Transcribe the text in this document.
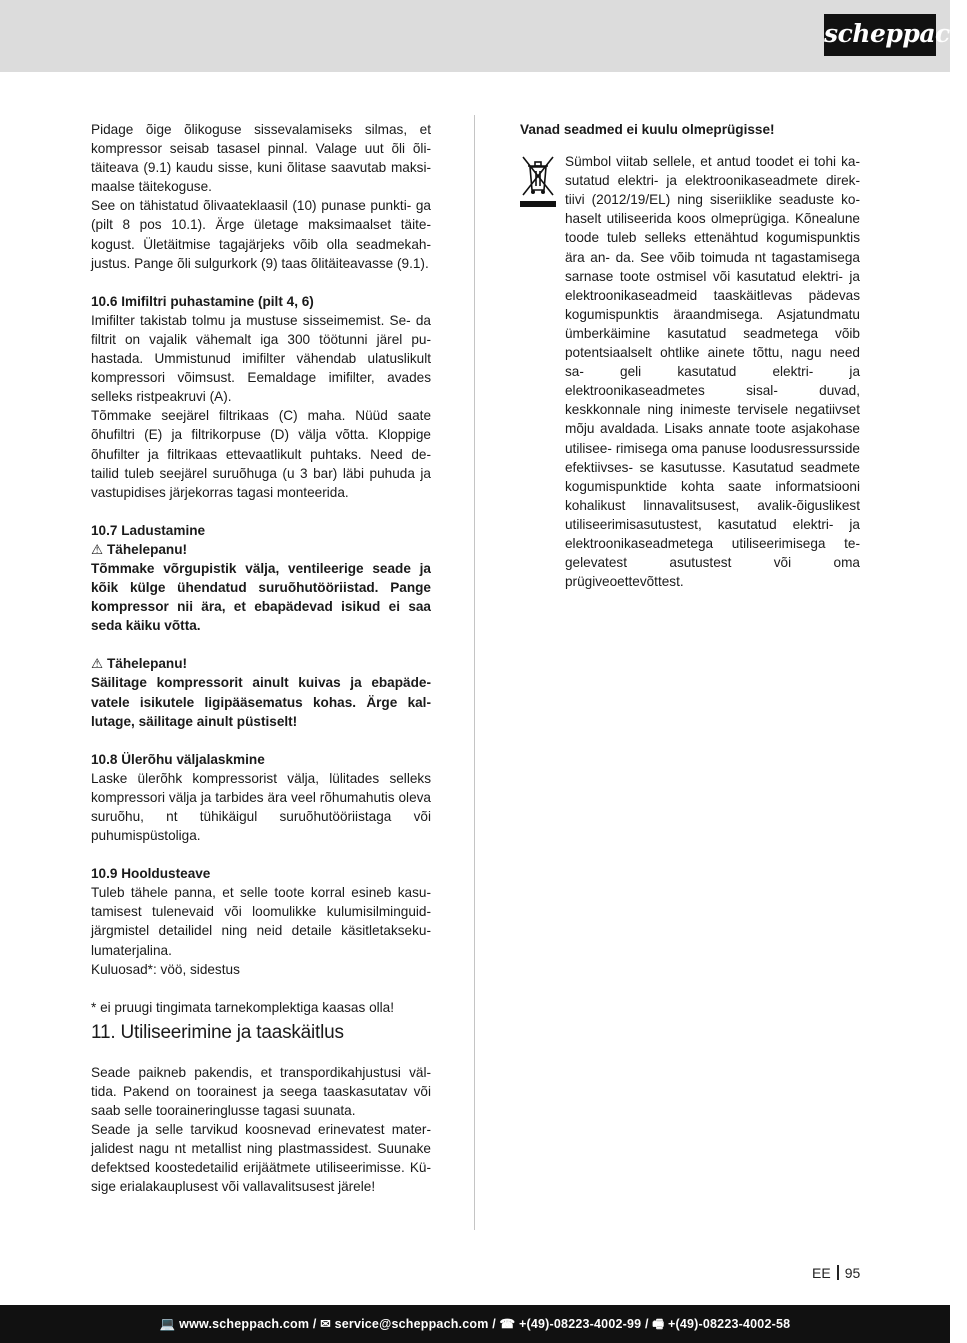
scheppach

Pidage õige õlikoguse sissevalamiseks silmas, et kompressor seisab tasasel pinnal. Valage uut õli õli- täiteava (9.1) kaudu sisse, kuni õlitase saavutab maksi- maalse täitekoguse.

See on tähistatud õlivaateklaasil (10) punase punkti- ga (pilt 8 pos 10.1). Ärge ületage maksimaalset täite- kogust. Ületäitmise tagajärjeks võib olla seadmekah- justus. Pange õli sulgurkork (9) taas õlitäiteavasse (9.1).

10.6 Imifiltri puhastamine (pilt 4, 6)

Imifilter takistab tolmu ja mustuse sisseimemist. Se- da filtrit on vajalik vähemalt iga 300 töötunni järel pu- hastada. Ummistunud imifilter vähendab ulatuslikult kompressori võimsust. Eemaldage imifilter, avades selleks ristpeakruvi (A).

Tõmmake seejärel filtrikaas (C) maha. Nüüd saate õhufiltri (E) ja filtrikorpuse (D) välja võtta. Kloppige õhufilter ja filtrikaas ettevaatlikult puhtaks. Need de- tailid tuleb seejärel suruõhuga (u 3 bar) läbi puhuda ja vastupidises järjekorras tagasi monteerida.

10.7 Ladustamine

⚠ Tähelepanu!

Tõmmake võrgupistik välja, ventileerige seade ja kõik külge ühendatud suruõhutööriistad. Pange kompressor nii ära, et ebapädevad isikud ei saa seda käiku võtta.

⚠ Tähelepanu!

Säilitage kompressorit ainult kuivas ja ebapäde- vatele isikutele ligipääsematus kohas. Ärge kal- lutage, säilitage ainult püstiselt!

10.8 Ülerõhu väljalaskmine

Laske ülerõhk kompressorist välja, lülitades selleks kompressori välja ja tarbides ära veel rõhumahutis oleva suruõhu, nt tühikäigul suruõhutööriistaga või puhumispüstoliga.

10.9 Hooldusteave

Tuleb tähele panna, et selle toote korral esineb kasu- tamisest tulenevaid või loomulikke kulumisilminguid- järgmistel detailidel ning neid detaile käsitletakseku- lumaterjalina.

Kuluosad*: vöö, sidestus

* ei pruugi tingimata tarnekomplektiga kaasas olla!

11. Utiliseerimine ja taaskäitlus

Seade paikneb pakendis, et transpordikahjustusi väl- tida. Pakend on toorainest ja seega taaskasutatav või saab selle tooraineringlusse tagasi suunata.

Seade ja selle tarvikud koosnevad erinevatest mater- jalidest nagu nt metallist ning plastmassidest. Suunake defektsed koostedetailid erijäätmete utiliseerimisse. Kü- sige erialakauplusest või vallavalitsusest järele!

Vanad seadmed ei kuulu olmeprügisse!

Sümbol viitab sellele, et antud toodet ei tohi ka- sutatud elektri- ja elektroonikaseadmete direk- tiivi (2012/19/EL) ning siseriiklike seaduste ko- haselt utiliseerida koos olmeprügiga. Kõnealune toode tuleb selleks ettenähtud kogumispunktis ära an- da. See võib toimuda nt tagastamisega sarnase toote ostmisel või kasutatud elektri- ja elektroonikaseadmeid taaskäitlevas pädevas kogumispunktis äraandmisega. Asjatundmatu ümberkäimine kasutatud seadmetega võib potentsiaalselt ohtlike ainete tõttu, nagu need sa- geli kasutatud elektri- ja elektroonikaseadmetes sisal- duvad, keskkonnale ning inimeste tervisele negatiivset mõju avaldada. Lisaks annate toote asjakohase utilisee- rimisega oma panuse loodusressursside efektiivses- se kasutusse. Kasutatud seadmete kogumispunktide kohta saate informatsiooni kohalikust linnavalitsusest, avalik-õiguslikest utiliseerimisasutustest, kasutatud elektri- ja elektroonikaseadmetega utiliseerimisega te- gelevatest asutustest või oma prügiveoettevõttest.

EE 95
💻 www.scheppach.com / ✉ service@scheppach.com / ☎ +(49)-08223-4002-99 / 🖷 +(49)-08223-4002-58
